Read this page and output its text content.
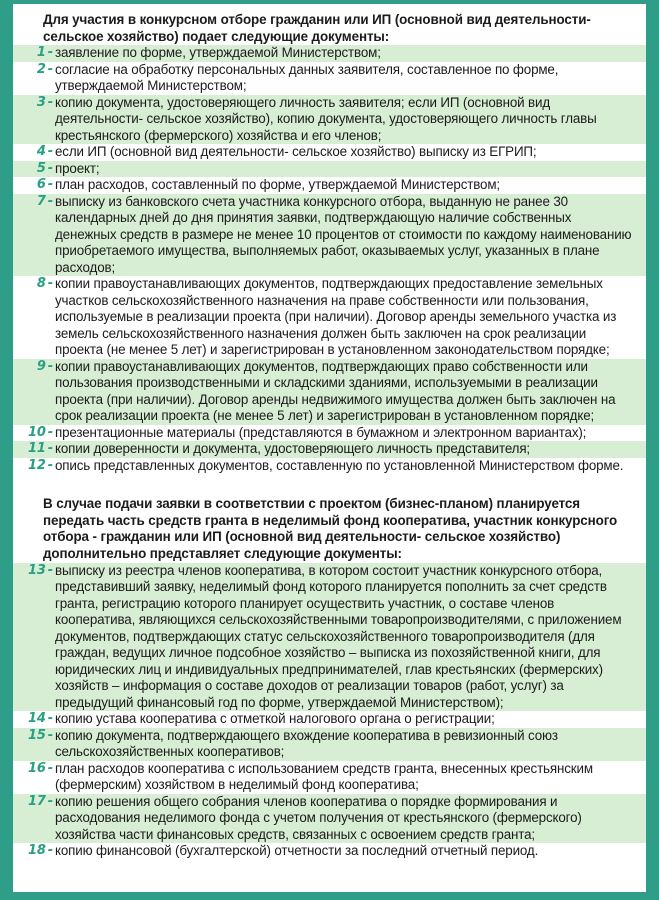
Для участия в конкурсном отборе гражданин или ИП (основной вид деятельности-сельское хозяйство) подает следующие документы:
1 - заявление по форме, утверждаемой Министерством;
2 - согласие на обработку персональных данных заявителя, составленное по форме, утверждаемой Министерством;
3 - копию документа, удостоверяющего личность заявителя; если ИП (основной вид деятельности- сельское хозяйство), копию документа, удостоверяющего личность главы крестьянского (фермерского) хозяйства и его членов;
4 - если ИП (основной вид деятельности- сельское хозяйство) выписку из ЕГРИП;
5 - проект;
6 - план расходов, составленный по форме, утверждаемой Министерством;
7 - выписку из банковского счета участника конкурсного отбора, выданную не ранее 30 календарных дней до дня принятия заявки, подтверждающую наличие собственных денежных средств в размере не менее 10 процентов от стоимости по каждому наименованию приобретаемого имущества, выполняемых работ, оказываемых услуг, указанных в плане расходов;
8 - копии правоустанавливающих документов, подтверждающих предоставление земельных участков сельскохозяйственного назначения на праве собственности или пользования, используемые в реализации проекта (при наличии). Договор аренды земельного участка из земель сельскохозяйственного назначения должен быть заключен на срок реализации проекта (не менее 5 лет) и зарегистрирован в установленном законодательством порядке;
9 - копии правоустанавливающих документов, подтверждающих право собственности или пользования производственными и складскими зданиями, используемыми в реализации проекта (при наличии). Договор аренды недвижимого имущества должен быть заключен на срок реализации проекта (не менее 5 лет) и зарегистрирован в установленном порядке;
10 - презентационные материалы (представляются в бумажном и электронном вариантах);
11 - копии доверенности и документа, удостоверяющего личность представителя;
12 - опись представленных документов, составленную по установленной Министерством форме.
В случае подачи заявки в соответствии с проектом (бизнес-планом) планируется передать часть средств гранта в неделимый фонд кооператива, участник конкурсного отбора - гражданин или ИП (основной вид деятельности- сельское хозяйство) дополнительно представляет следующие документы:
13 - выписку из реестра членов кооператива, в котором состоит участник конкурсного отбора, представивший заявку, неделимый фонд которого планируется пополнить за счет средств гранта, регистрацию которого планирует осуществить участник, о составе членов кооператива, являющихся сельскохозяйственными товаропроизводителями, с приложением документов, подтверждающих статус сельскохозяйственного товаропроизводителя (для граждан, ведущих личное подсобное хозяйство – выписка из похозяйственной книги, для юридических лиц и индивидуальных предпринимателей, глав крестьянских (фермерских) хозяйств – информация о составе доходов от реализации товаров (работ, услуг) за предыдущий финансовый год по форме, утверждаемой Министерством);
14 - копию устава кооператива с отметкой налогового органа о регистрации;
15 - копию документа, подтверждающего вхождение кооператива в ревизионный союз сельскохозяйственных кооперативов;
16 - план расходов кооператива с использованием средств гранта, внесенных крестьянским (фермерским) хозяйством в неделимый фонд кооператива;
17 - копию решения общего собрания членов кооператива о порядке формирования и расходования неделимого фонда с учетом получения от крестьянского (фермерского) хозяйства части финансовых средств, связанных с освоением средств гранта;
18 - копию финансовой (бухгалтерской) отчетности за последний отчетный период.
